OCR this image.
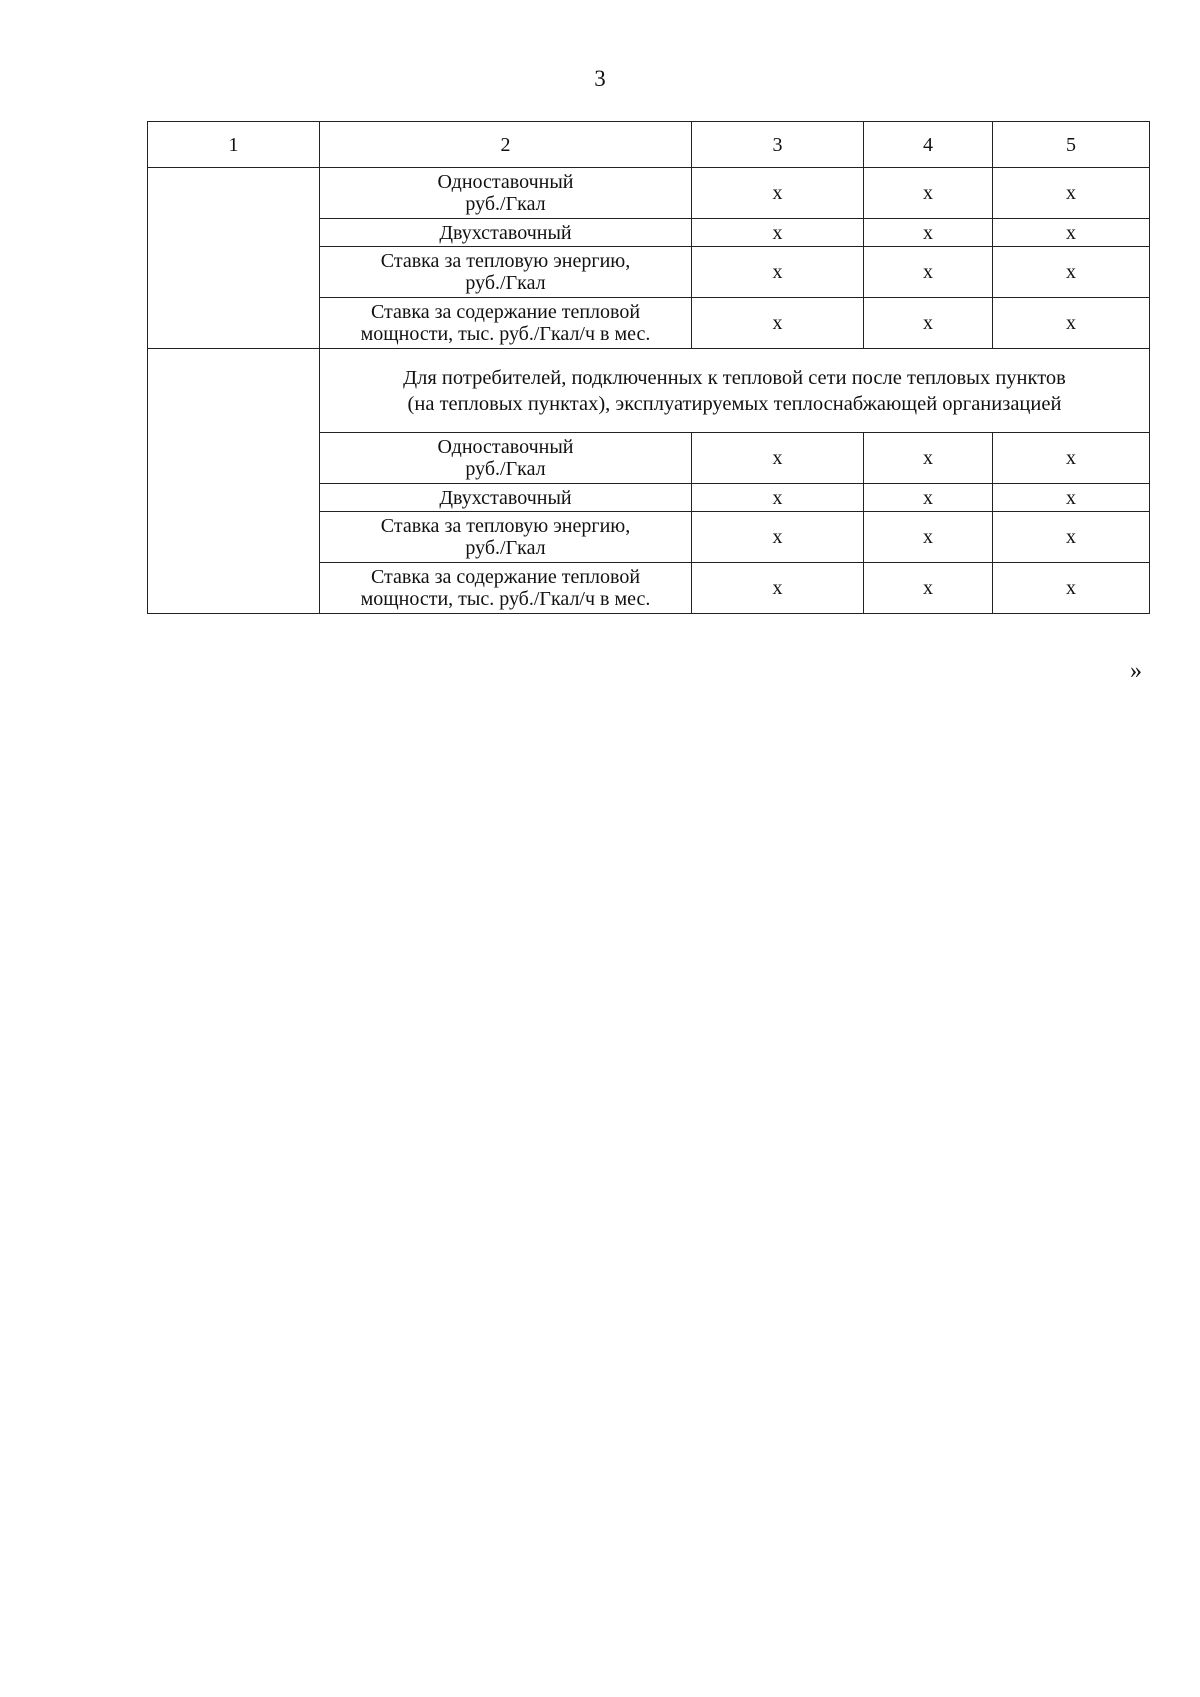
3
1	2	3	4	5
	Одноставочный
руб./Гкал	x	x	x
	Двухставочный	x	x	x
	Ставка за тепловую энергию,
руб./Гкал	x	x	x
	Ставка за содержание тепловой
мощности, тыс. руб./Гкал/ч в мес.	x	x	x
	Для потребителей, подключенных к тепловой сети после тепловых пунктов
(на тепловых пунктах), эксплуатируемых теплоснабжающей организацией			
	Одноставочный
руб./Гкал	x	x	x
	Двухставочный	x	x	x
	Ставка за тепловую энергию,
руб./Гкал	x	x	x
	Ставка за содержание тепловой
мощности, тыс. руб./Гкал/ч в мес.	x	x	x
»
